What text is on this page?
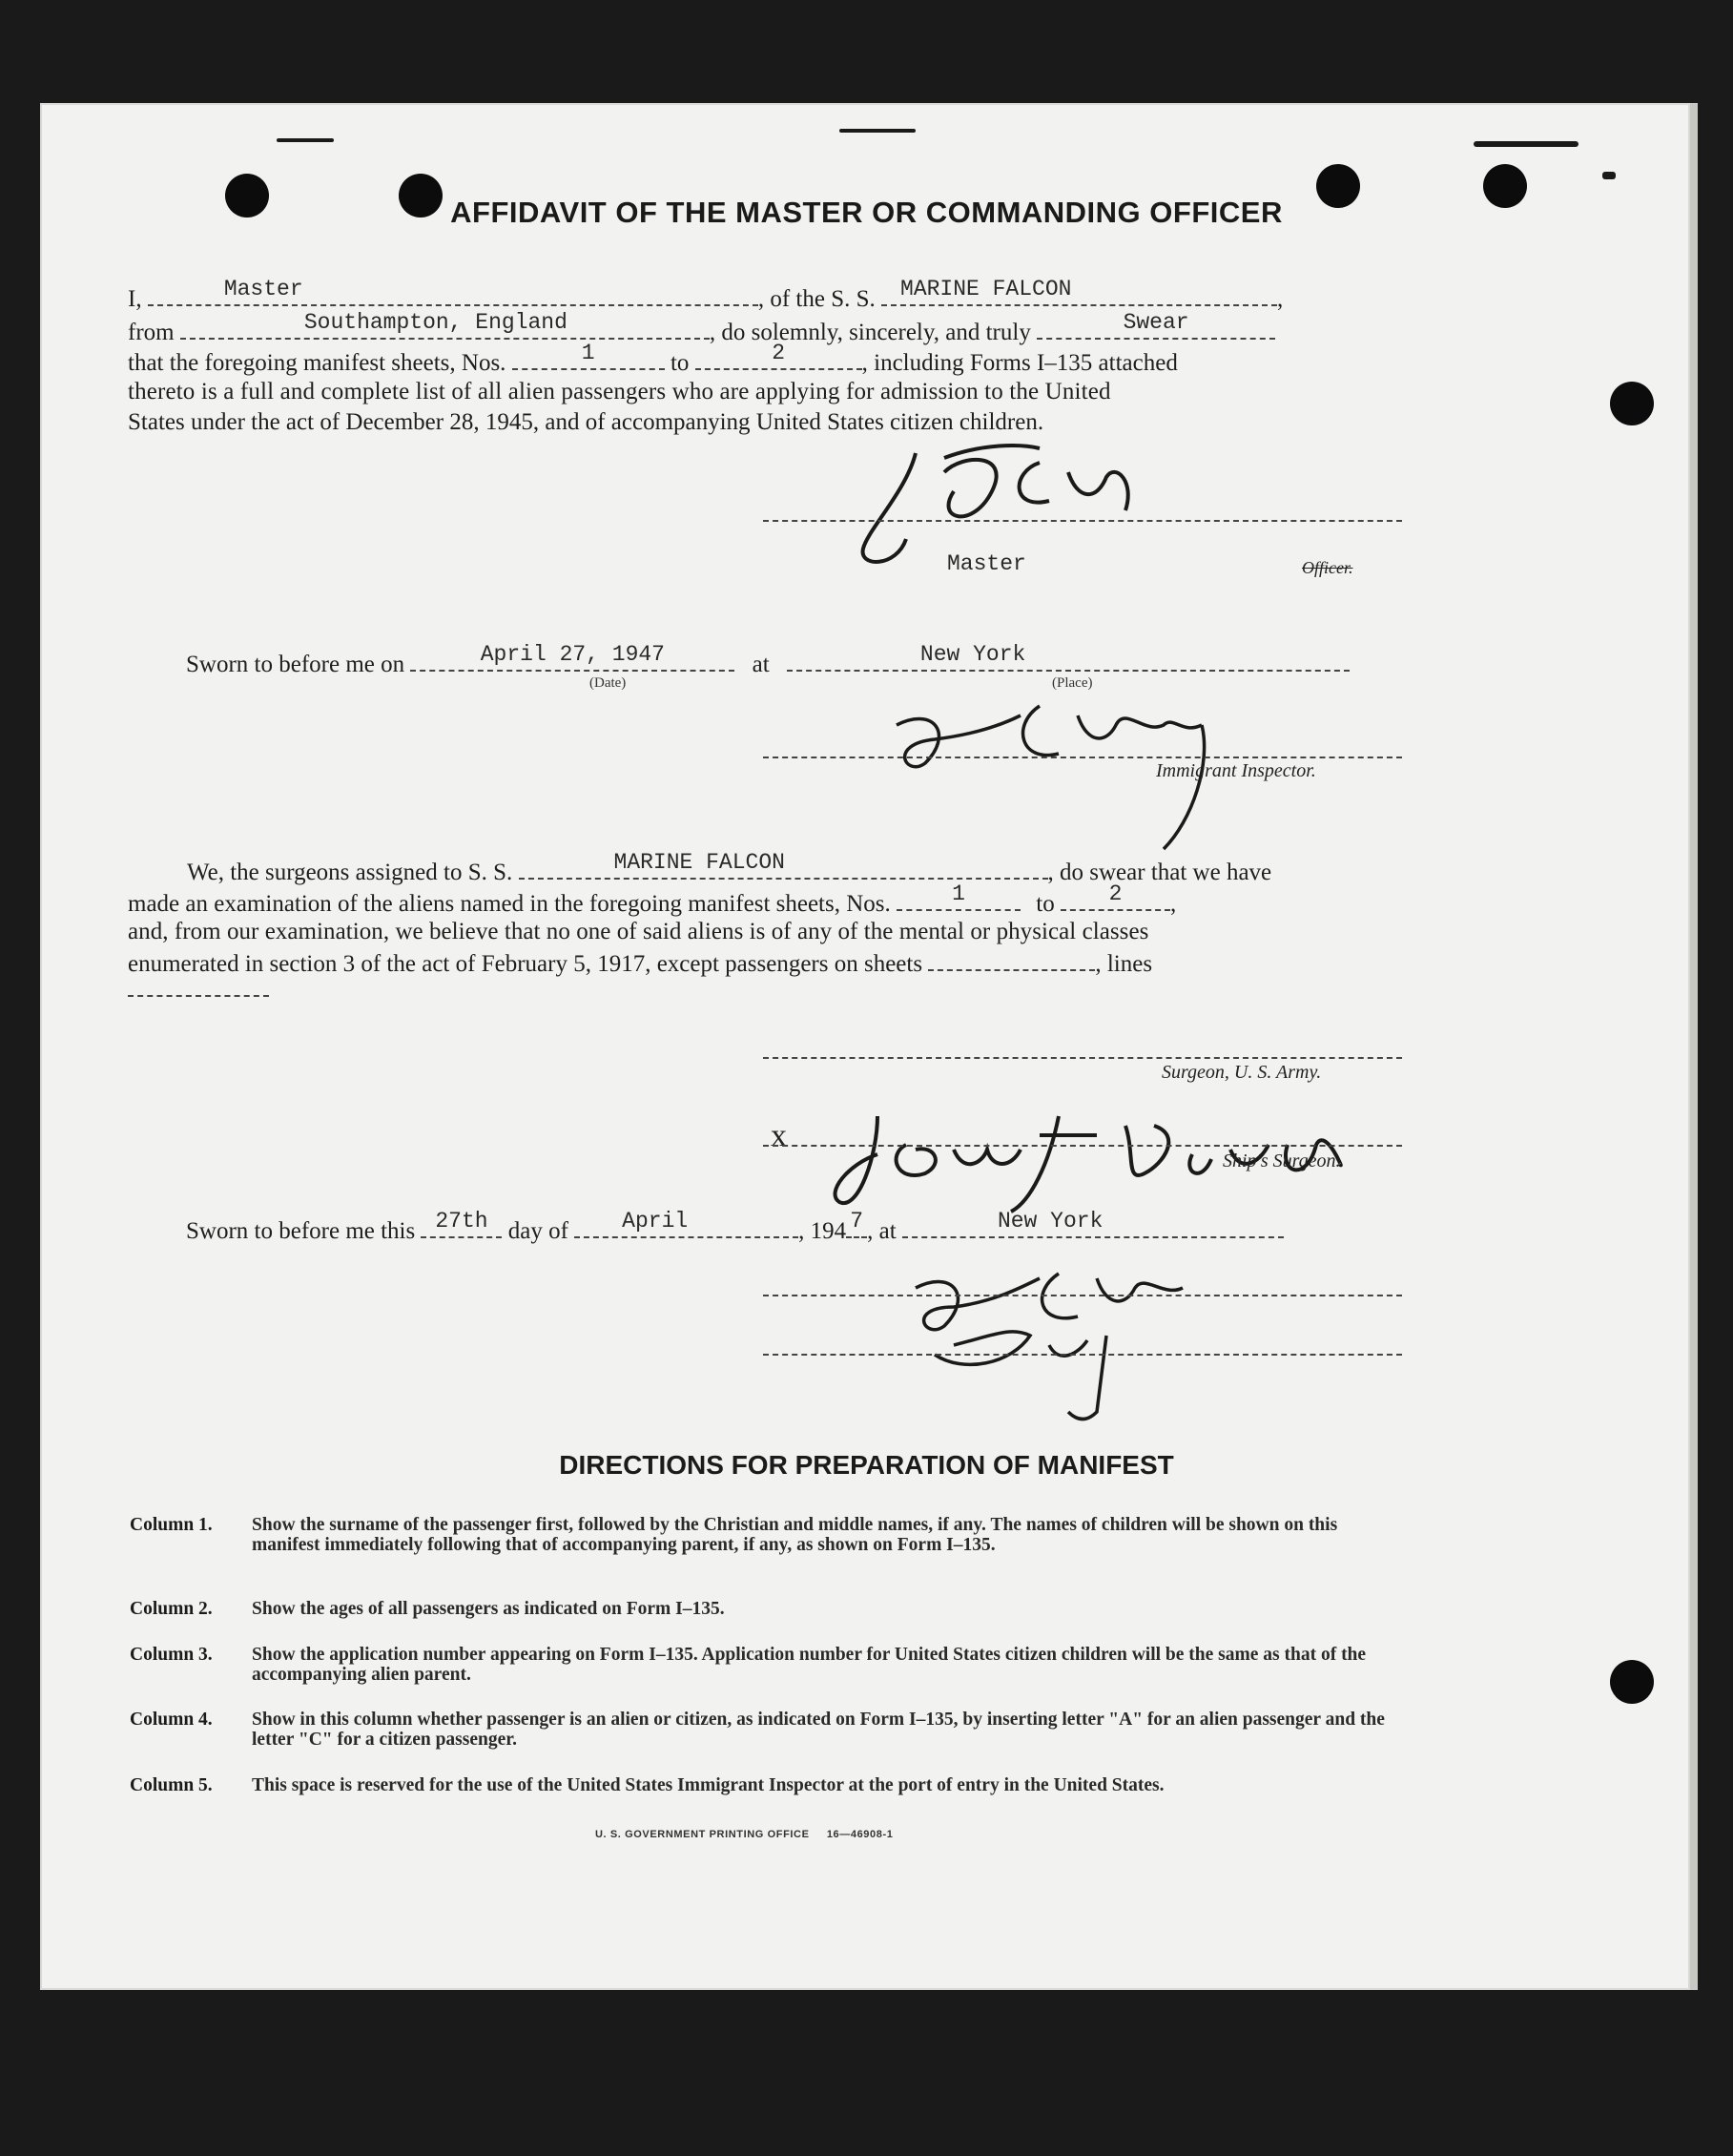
AFFIDAVIT OF THE MASTER OR COMMANDING OFFICER
I,	Master	, of the S. S.	MARINE FALCON	,
from	Southampton, England	, do solemnly, sincerely, and truly	Swear
that the foregoing manifest sheets, Nos.	1	to	2	, including Forms I–135 attached
thereto is a full and complete list of all alien passengers who are applying for admission to the United
States under the act of December 28, 1945, and of accompanying United States citizen children.
Master	Officer.
Sworn to before me on	April 27, 1947	at	New York
(Date)	(Place)
Immigrant Inspector.
We, the surgeons assigned to S. S.	MARINE FALCON	, do swear that we have
made an examination of the aliens named in the foregoing manifest sheets, Nos.	1	to	2	,
and, from our examination, we believe that no one of said aliens is of any of the mental or physical classes
enumerated in section 3 of the act of February 5, 1917, except passengers on sheets	, lines
Surgeon, U. S. Army.
x
Ship's Surgeon.
Sworn to before me this 27th day of	April	, 194 7 , at	New York
DIRECTIONS FOR PREPARATION OF MANIFEST
Column 1.	Show the surname of the passenger first, followed by the Christian and middle names, if any. The names of children will be shown on this manifest immediately following that of accompanying parent, if any, as shown on Form I–135.
Column 2.	Show the ages of all passengers as indicated on Form I–135.
Column 3.	Show the application number appearing on Form I–135. Application number for United States citizen children will be the same as that of the accompanying alien parent.
Column 4.	Show in this column whether passenger is an alien or citizen, as indicated on Form I–135, by inserting letter "A" for an alien passenger and the letter "C" for a citizen passenger.
Column 5.	This space is reserved for the use of the United States Immigrant Inspector at the port of entry in the United States.
U. S. GOVERNMENT PRINTING OFFICE     16—46908-1
